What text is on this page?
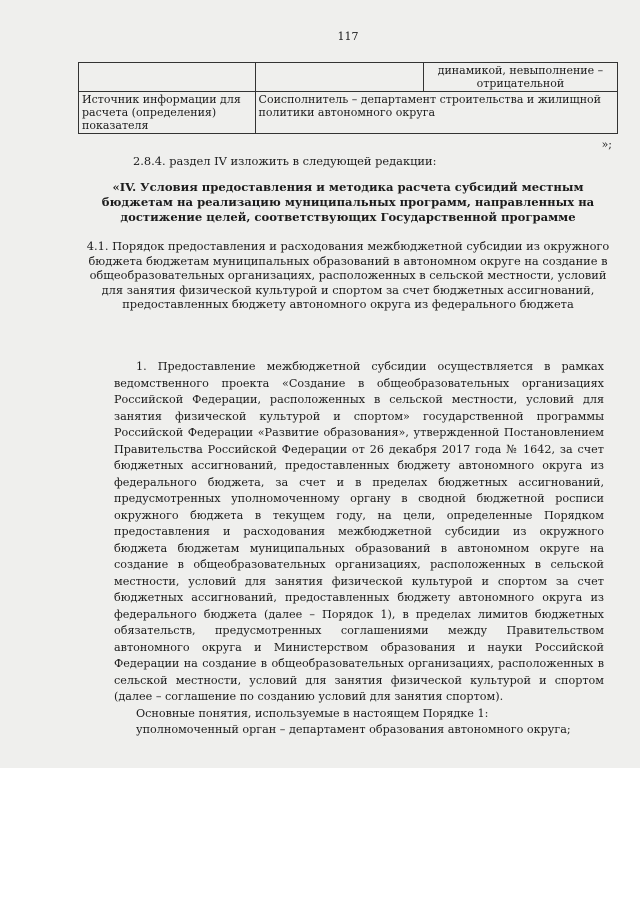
117
		динамикой, невыполнение – отрицательной
Источник информации для расчета (определения) показателя	Соисполнитель – департамент строительства и жилищной политики автономного округа	
»;
2.8.4. раздел IV изложить в следующей редакции:
«IV. Условия предоставления и методика расчета субсидий местным бюджетам на реализацию муниципальных программ, направленных на достижение целей, соответствующих Государственной программе
4.1. Порядок предоставления и расходования межбюджетной субсидии из окружного бюджета бюджетам муниципальных образований в автономном округе на создание в общеобразовательных организациях, расположенных в сельской местности, условий для занятия физической культурой и спортом за счет бюджетных ассигнований, предоставленных бюджету автономного округа из федерального бюджета

1. Предоставление межбюджетной субсидии осуществляется в рамках ведомственного проекта «Создание в общеобразовательных организациях Российской Федерации, расположенных в сельской местности, условий для занятия физической культурой и спортом» государственной программы Российской Федерации «Развитие образования», утвержденной Постановлением Правительства Российской Федерации от 26 декабря 2017 года № 1642, за счет бюджетных ассигнований, предоставленных бюджету автономного округа из федерального бюджета, за счет и в пределах бюджетных ассигнований, предусмотренных уполномоченному органу в сводной бюджетной росписи окружного бюджета в текущем году, на цели, определенные Порядком предоставления и расходования межбюджетной субсидии из окружного бюджета бюджетам муниципальных образований в автономном округе на создание в общеобразовательных организациях, расположенных в сельской местности, условий для занятия физической культурой и спортом за счет бюджетных ассигнований, предоставленных бюджету автономного округа из федерального бюджета (далее – Порядок 1), в пределах лимитов бюджетных обязательств, предусмотренных соглашениями между Правительством автономного округа и Министерством образования и науки Российской Федерации на создание в общеобразовательных организациях, расположенных в сельской местности, условий для занятия физической культурой и спортом (далее – соглашение по созданию условий для занятия спортом).

Основные понятия, используемые в настоящем Порядке 1:

уполномоченный орган – департамент образования автономного округа;
